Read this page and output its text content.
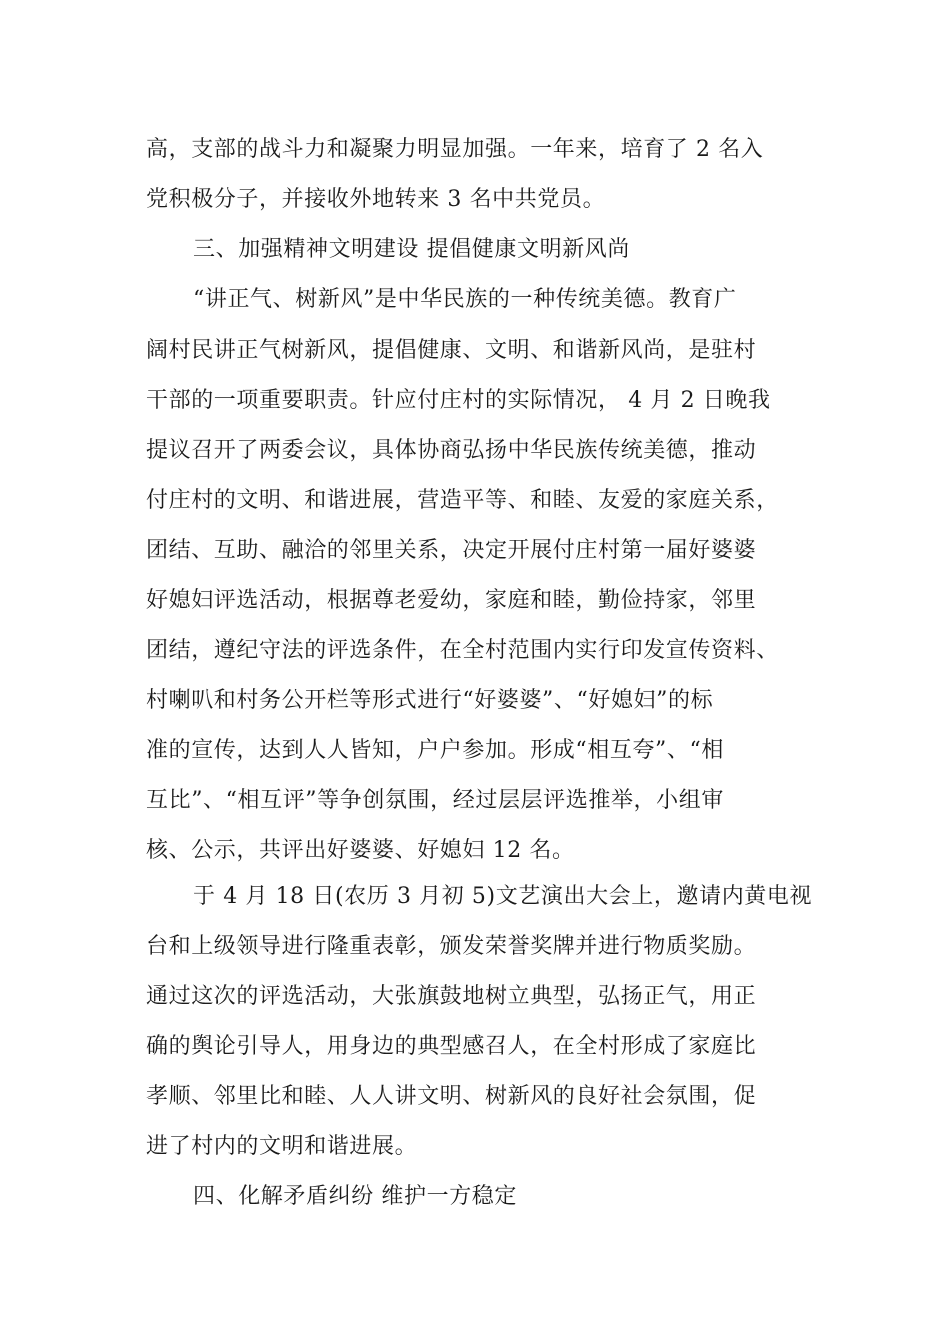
高，支部的战斗力和凝聚力明显加强。一年来，培育了 2 名入
党积极分子，并接收外地转来 3 名中共党员。
三、加强精神文明建设 提倡健康文明新风尚
“讲正气、树新风”是中华民族的一种传统美德。教育广
阔村民讲正气树新风，提倡健康、文明、和谐新风尚，是驻村
干部的一项重要职责。针应付庄村的实际情况， 4 月 2 日晚我
提议召开了两委会议，具体协商弘扬中华民族传统美德，推动
付庄村的文明、和谐进展，营造平等、和睦、友爱的家庭关系，
团结、互助、融洽的邻里关系，决定开展付庄村第一届好婆婆
好媳妇评选活动，根据尊老爱幼，家庭和睦，勤俭持家，邻里
团结，遵纪守法的评选条件，在全村范围内实行印发宣传资料、
村喇叭和村务公开栏等形式进行“好婆婆”、“好媳妇”的标
准的宣传，达到人人皆知，户户参加。形成“相互夸”、“相
互比”、“相互评”等争创氛围，经过层层评选推举，小组审
核、公示，共评出好婆婆、好媳妇 12 名。
于 4 月 18 日(农历 3 月初 5)文艺演出大会上，邀请内黄电视
台和上级领导进行隆重表彰，颁发荣誉奖牌并进行物质奖励。
通过这次的评选活动，大张旗鼓地树立典型，弘扬正气，用正
确的舆论引导人，用身边的典型感召人，在全村形成了家庭比
孝顺、邻里比和睦、人人讲文明、树新风的良好社会氛围，促
进了村内的文明和谐进展。
四、化解矛盾纠纷 维护一方稳定
